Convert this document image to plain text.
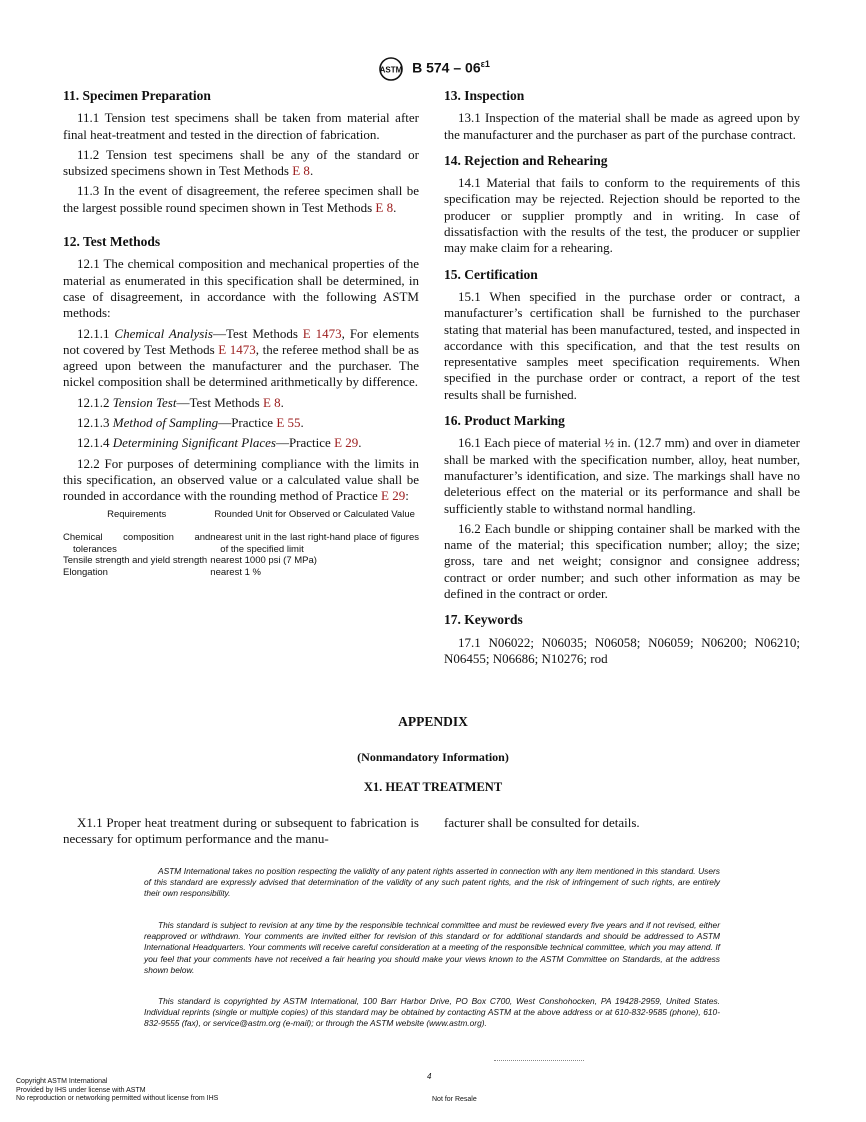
ASTM B $574 - 06^{\varepsilon 1}$
11. Specimen Preparation

11.1 Tension test specimens shall be taken from material after final heat-treatment and tested in the direction of fabrication.

11.2 Tension test specimens shall be any of the standard or subsized specimens shown in Test Methods E 8.

11.3 In the event of disagreement, the referee specimen shall be the largest possible round specimen shown in Test Methods E 8.

12. Test Methods

12.1 The chemical composition and mechanical properties of the material as enumerated in this specification shall be determined, in case of disagreement, in accordance with the following ASTM methods:

12.1.1 Chemical Analysis—Test Methods E 1473, For elements not covered by Test Methods E 1473, the referee method shall be as agreed upon between the manufacturer and the purchaser. The nickel composition shall be determined arithmetically by difference.

12.1.2 Tension Test—Test Methods E 8.

12.1.3 Method of Sampling—Practice E 55.

12.1.4 Determining Significant Places—Practice E 29.

12.2 For purposes of determining compliance with the limits in this specification, an observed value or a calculated value shall be rounded in accordance with the rounding method of Practice E 29:

Requirements	Rounded Unit for Observed or Calculated Value
Chemical composition and tolerances	nearest unit in the last right-hand place of figures of the specified limit
Tensile strength and yield strength	nearest 1000 psi (7 MPa)
Elongation	nearest 1 %
13. Inspection

13.1 Inspection of the material shall be made as agreed upon by the manufacturer and the purchaser as part of the purchase contract.

14. Rejection and Rehearing

14.1 Material that fails to conform to the requirements of this specification may be rejected. Rejection should be reported to the producer or supplier promptly and in writing. In case of dissatisfaction with the results of the test, the producer or supplier may make claim for a rehearing.

15. Certification

15.1 When specified in the purchase order or contract, a manufacturer’s certification shall be furnished to the purchaser stating that material has been manufactured, tested, and inspected in accordance with this specification, and that the test results on representative samples meet specification requirements. When specified in the purchase order or contract, a report of the test results shall be furnished.

16. Product Marking

16.1 Each piece of material ½ in. (12.7 mm) and over in diameter shall be marked with the specification number, alloy, heat number, manufacturer’s identification, and size. The markings shall have no deleterious effect on the material or its performance and shall be sufficiently stable to withstand normal handling.

16.2 Each bundle or shipping container shall be marked with the name of the material; this specification number; alloy; the size; gross, tare and net weight; consignor and consignee address; contract or order number; and such other information as may be defined in the contract or order.

17. Keywords

17.1 N06022; N06035; N06058; N06059; N06200; N06210; N06455; N06686; N10276; rod

APPENDIX
(Nonmandatory Information)
X1. HEAT TREATMENT

X1.1 Proper heat treatment during or subsequent to fabrication is necessary for optimum performance and the manu-

facturer shall be consulted for details.

ASTM International takes no position respecting the validity of any patent rights asserted in connection with any item mentioned in this standard. Users of this standard are expressly advised that determination of the validity of any such patent rights, and the risk of infringement of such rights, are entirely their own responsibility.

This standard is subject to revision at any time by the responsible technical committee and must be reviewed every five years and if not revised, either reapproved or withdrawn. Your comments are invited either for revision of this standard or for additional standards and should be addressed to ASTM International Headquarters. Your comments will receive careful consideration at a meeting of the responsible technical committee, which you may attend. If you feel that your comments have not received a fair hearing you should make your views known to the ASTM Committee on Standards, at the address shown below.

This standard is copyrighted by ASTM International, 100 Barr Harbor Drive, PO Box C700, West Conshohocken, PA 19428-2959, United States. Individual reprints (single or multiple copies) of this standard may be obtained by contacting ASTM at the above address or at 610-832-9585 (phone), 610-832-9555 (fax), or service@astm.org (e-mail); or through the ASTM website (www.astm.org).

Copyright ASTM International
Provided by IHS under license with ASTM
No reproduction or networking permitted without license from IHS
4
Not for Resale
